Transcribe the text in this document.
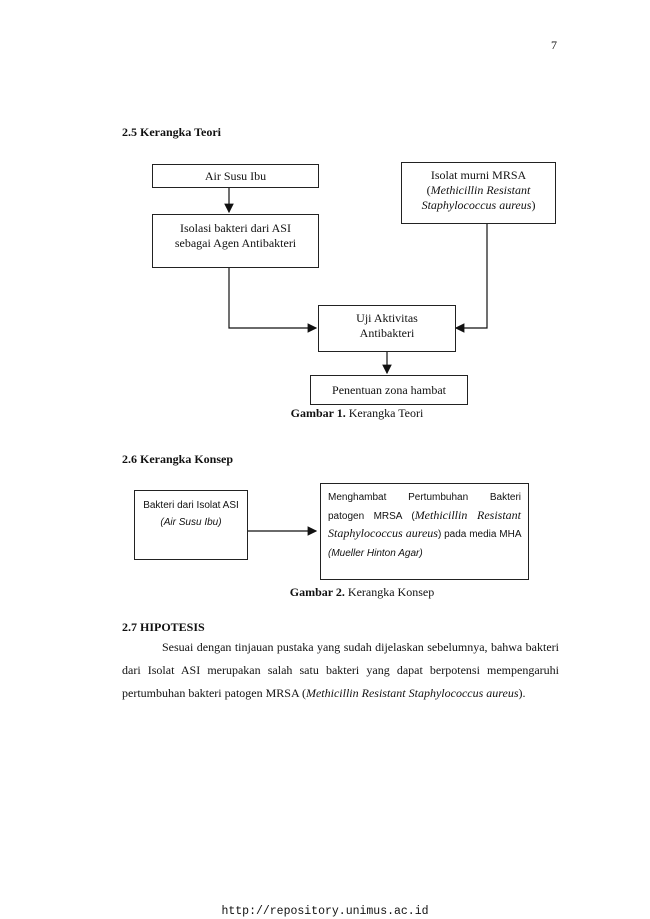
7
2.5 Kerangka Teori
Air Susu Ibu
Isolasi bakteri dari ASI sebagai Agen Antibakteri
Isolat murni MRSA
(Methicillin Resistant Staphylococcus aureus)
Uji Aktivitas Antibakteri
Penentuan zona hambat
Gambar 1. Kerangka Teori
2.6 Kerangka Konsep
Bakteri dari Isolat ASI (Air Susu Ibu)
Menghambat Pertumbuhan Bakteri patogen MRSA (Methicillin Resistant Staphylococcus aureus) pada media MHA (Mueller Hinton Agar)
Gambar 2. Kerangka Konsep
2.7 HIPOTESIS
Sesuai dengan tinjauan pustaka yang sudah dijelaskan sebelumnya, bahwa bakteri dari Isolat ASI merupakan salah satu bakteri yang dapat berpotensi mempengaruhi pertumbuhan bakteri patogen MRSA (Methicillin Resistant Staphylococcus aureus).
http://repository.unimus.ac.id
